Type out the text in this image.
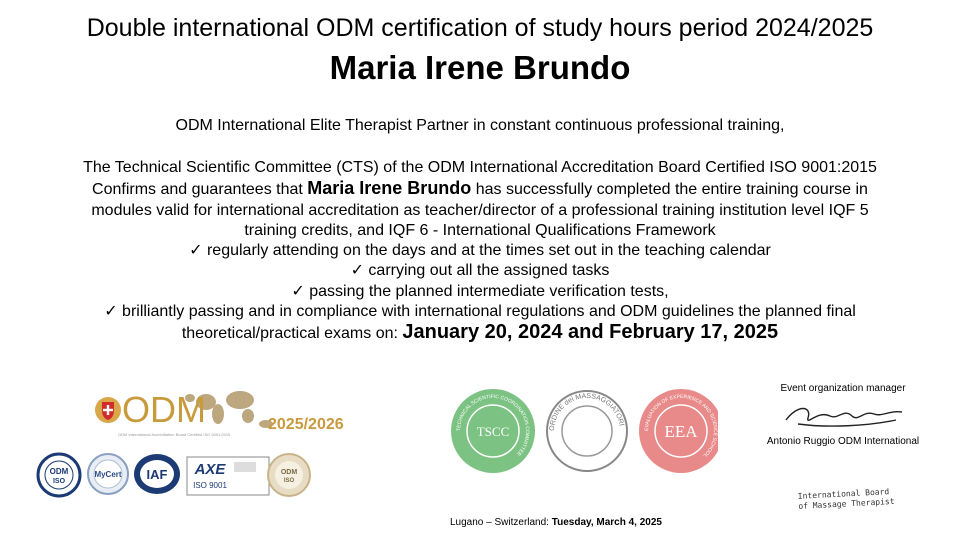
Double international ODM certification of study hours period 2024/2025
Maria Irene Brundo
ODM International Elite Therapist Partner in constant continuous professional training,

The Technical Scientific Committee (CTS) of the ODM International Accreditation Board Certified ISO 9001:2015

Confirms and guarantees that Maria Irene Brundo has successfully completed the entire training course in

modules valid for international accreditation as teacher/director of a professional training institution level IQF 5

training credits, and IQF 6 - International Qualifications Framework

✓ regularly attending on the days and at the times set out in the teaching calendar

✓ carrying out all the assigned tasks

✓ passing the planned intermediate verification tests,

✓ brilliantly passing and in compliance with international regulations and ODM guidelines the planned final

theoretical/practical exams on: January 20, 2024 and February 17, 2025

ODM	2025/2026
ODM International Accreditation Board Certified ISO 9001:2015
ODM
ISO
MyCert IAF AXE
ISO 9001
ODM
ISO
TECHNICAL SCIENTIFIC COORDINATION COMMITTEE
TSCC	ORDINE dei MASSAGGIATORI
EVALUATION OF EXPERIENCE AND SCIENCE SCHOOL
EEA
Event organization manager
Antonio Ruggio ODM International
International Board
of Massage Therapist
Lugano – Switzerland: Tuesday, March 4, 2025
